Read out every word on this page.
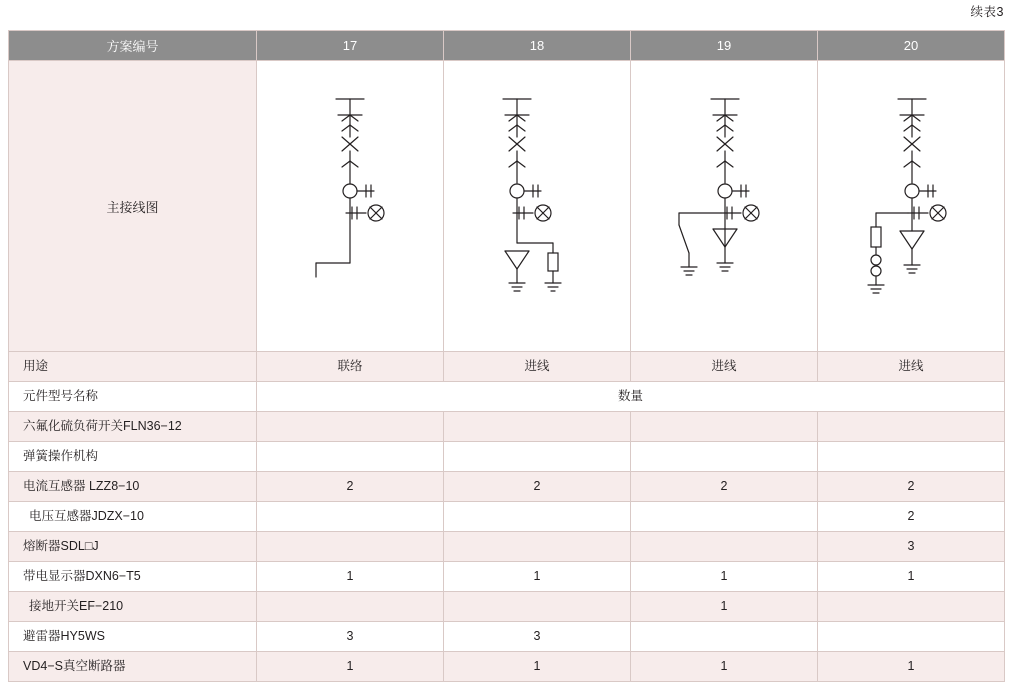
续表3
方案编号	17	18	19	20
主接线图	

用途	联络	进线	进线	进线
元件型号名称	数量			
六氟化硫负荷开关FLN36−12				
弹簧操作机构				
电流互感器 LZZ8−10	2	2	2	2
电压互感器JDZX−10				2
熔断器SDL□J				3
带电显示器DXN6−T5	1	1	1	1
接地开关EF−210			1	
避雷器HY5WS	3	3		
VD4−S真空断路器	1	1	1	1
